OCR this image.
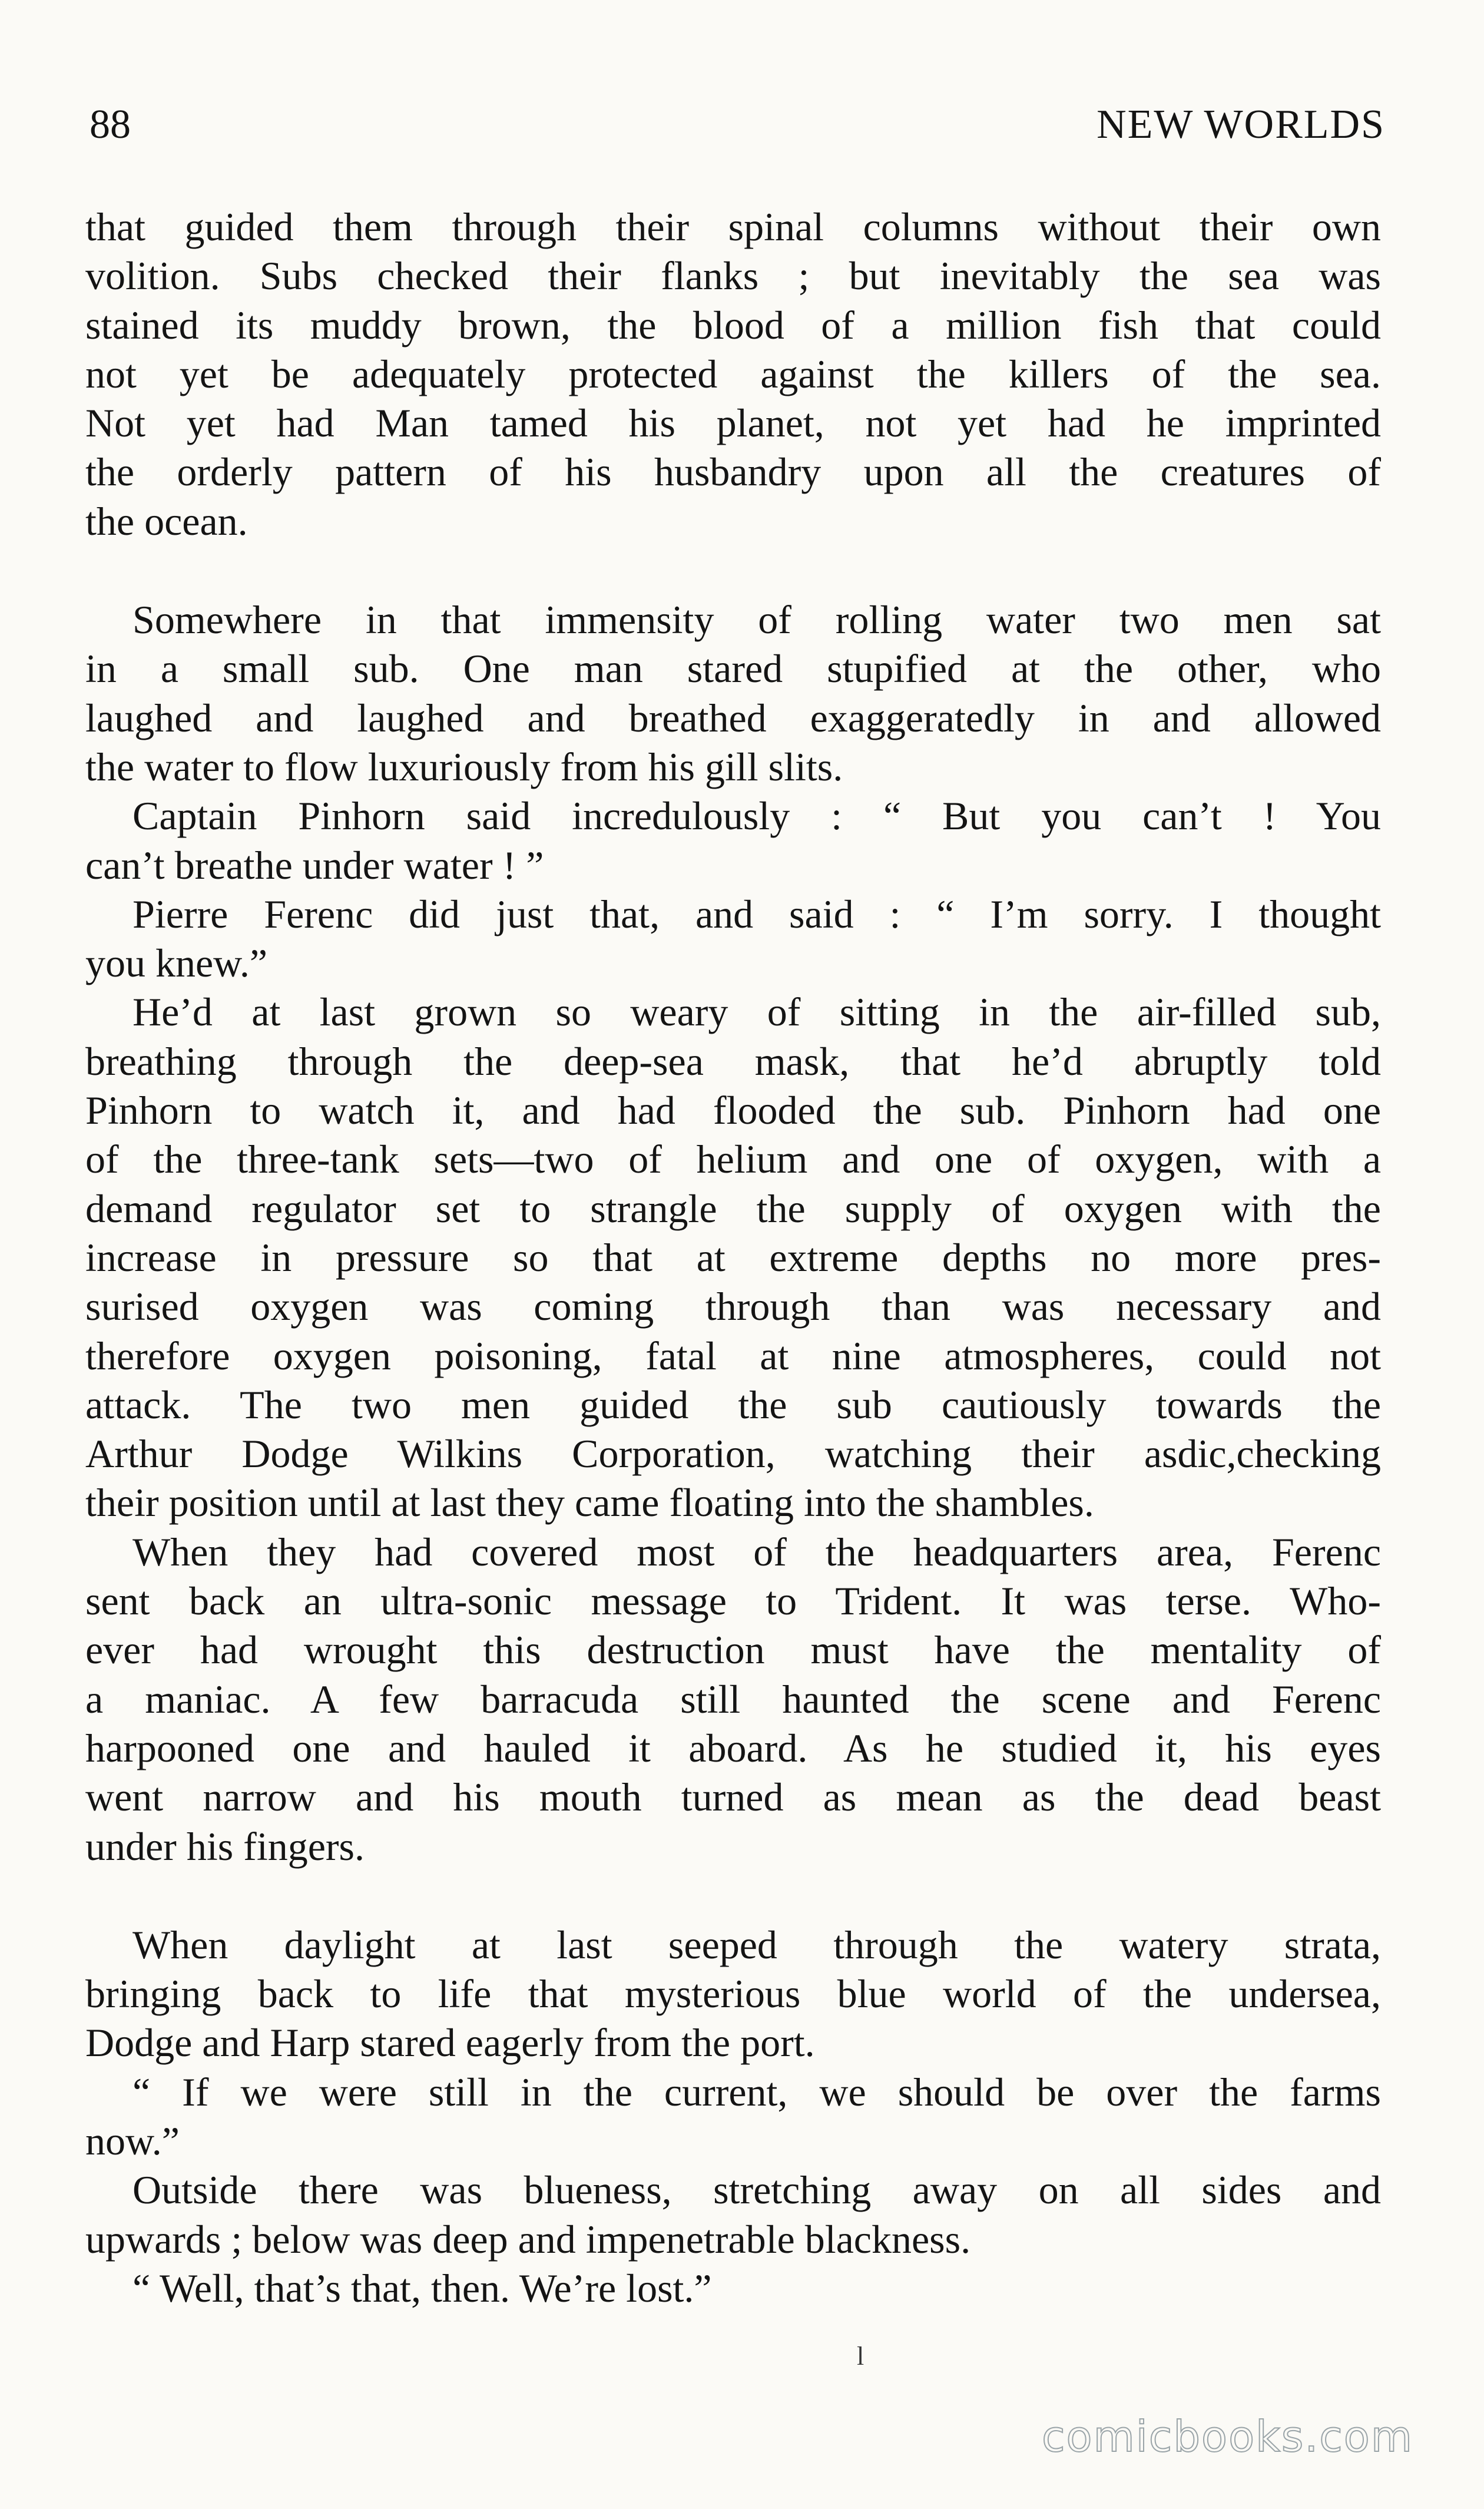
88	NEW WORLDS
that guided them through their spinal columns without their own
volition. Subs checked their flanks ; but inevitably the sea was
stained its muddy brown, the blood of a million fish that could
not yet be adequately protected against the killers of the sea.
Not yet had Man tamed his planet, not yet had he imprinted
the orderly pattern of his husbandry upon all the creatures of
the ocean.
Somewhere in that immensity of rolling water two men sat
in a small sub. One man stared stupified at the other, who
laughed and laughed and breathed exaggeratedly in and allowed
the water to flow luxuriously from his gill slits.
Captain Pinhorn said incredulously : “ But you can’t ! You
can’t breathe under water ! ”
Pierre Ferenc did just that, and said : “ I’m sorry. I thought
you knew.”
He’d at last grown so weary of sitting in the air-filled sub,
breathing through the deep-sea mask, that he’d abruptly told
Pinhorn to watch it, and had flooded the sub. Pinhorn had one
of the three-tank sets—two of helium and one of oxygen, with a
demand regulator set to strangle the supply of oxygen with the
increase in pressure so that at extreme depths no more pres-
surised oxygen was coming through than was necessary and
therefore oxygen poisoning, fatal at nine atmospheres, could not
attack. The two men guided the sub cautiously towards the
Arthur Dodge Wilkins Corporation, watching their asdic,checking
their position until at last they came floating into the shambles.
When they had covered most of the headquarters area, Ferenc
sent back an ultra-sonic message to Trident. It was terse. Who-
ever had wrought this destruction must have the mentality of
a maniac. A few barracuda still haunted the scene and Ferenc
harpooned one and hauled it aboard. As he studied it, his eyes
went narrow and his mouth turned as mean as the dead beast
under his fingers.
When daylight at last seeped through the watery strata,
bringing back to life that mysterious blue world of the undersea,
Dodge and Harp stared eagerly from the port.
“ If we were still in the current, we should be over the farms
now.”
Outside there was blueness, stretching away on all sides and
upwards ; below was deep and impenetrable blackness.
“ Well, that’s that, then. We’re lost.”
l
comicbooks.com
